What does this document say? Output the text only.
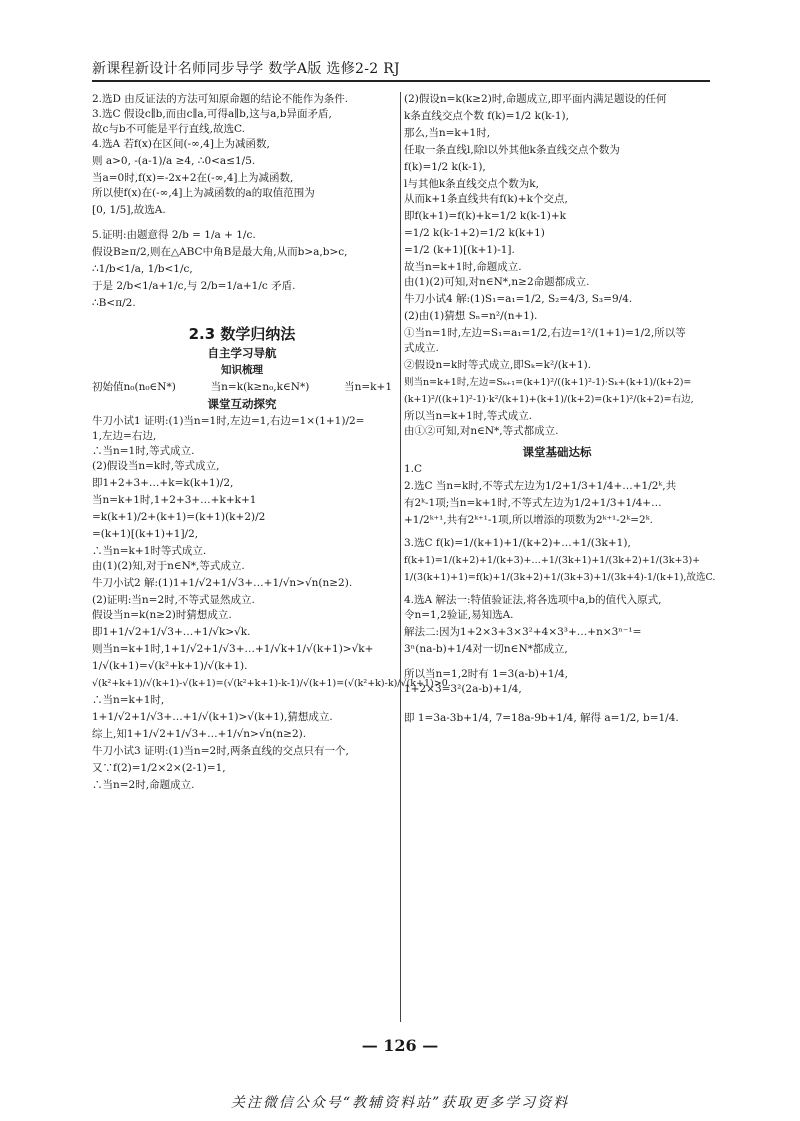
新课程新设计名师同步导学 数学A版 选修2-2 RJ
2.选D 由反证法的方法可知原命题的结论不能作为条件.
3.选C 假设c∥b,而由c∥a,可得a∥b,这与a,b异面矛盾,
故c与b不可能是平行直线,故选C.
4.选A 若f(x)在区间(-∞,4]上为减函数,
则 a>0, -(a-1)/a ≥4, ∴0<a≤1/5.
当a=0时,f(x)=-2x+2在(-∞,4]上为减函数,
所以使f(x)在(-∞,4]上为减函数的a的取值范围为
[0, 1/5],故选A.
5.证明:由题意得 2/b = 1/a + 1/c.
假设B≥π/2,则在△ABC中角B是最大角,从而b>a,b>c,
∴1/b<1/a, 1/b<1/c,
于是 2/b<1/a+1/c,与 2/b=1/a+1/c 矛盾.
∴B<π/2.
2.3 数学归纳法
自主学习导航
知识梳理
初始值n₀(n₀∈N*)	当n=k(k≥n₀,k∈N*)	当n=k+1
课堂互动探究
牛刀小试1 证明:(1)当n=1时,左边=1,右边=1×(1+1)/2=
1,左边=右边,
∴当n=1时,等式成立.
(2)假设当n=k时,等式成立,
即1+2+3+…+k=k(k+1)/2,
当n=k+1时,1+2+3+…+k+k+1
=k(k+1)/2+(k+1)=(k+1)(k+2)/2
=(k+1)[(k+1)+1]/2,
∴当n=k+1时等式成立.
由(1)(2)知,对于n∈N*,等式成立.
牛刀小试2 解:(1)1+1/√2+1/√3+…+1/√n>√n(n≥2).
(2)证明:当n=2时,不等式显然成立.
假设当n=k(n≥2)时猜想成立.
即1+1/√2+1/√3+…+1/√k>√k.
则当n=k+1时,1+1/√2+1/√3+…+1/√k+1/√(k+1)>√k+
1/√(k+1)=√(k²+k+1)/√(k+1).
√(k²+k+1)/√(k+1)-√(k+1)=(√(k²+k+1)-k-1)/√(k+1)=(√(k²+k)-k)/√(k+1)>0.
∴当n=k+1时,
1+1/√2+1/√3+…+1/√(k+1)>√(k+1),猜想成立.
综上,知1+1/√2+1/√3+…+1/√n>√n(n≥2).
牛刀小试3 证明:(1)当n=2时,两条直线的交点只有一个,
又∵f(2)=1/2×2×(2-1)=1,
∴当n=2时,命题成立.
(2)假设n=k(k≥2)时,命题成立,即平面内满足题设的任何
k条直线交点个数 f(k)=1/2 k(k-1),
那么,当n=k+1时,
任取一条直线l,除l以外其他k条直线交点个数为
f(k)=1/2 k(k-1),
l与其他k条直线交点个数为k,
从而k+1条直线共有f(k)+k个交点,
即f(k+1)=f(k)+k=1/2 k(k-1)+k
=1/2 k(k-1+2)=1/2 k(k+1)
=1/2 (k+1)[(k+1)-1].
故当n=k+1时,命题成立.
由(1)(2)可知,对n∈N*,n≥2命题都成立.
牛刀小试4 解:(1)S₁=a₁=1/2, S₂=4/3, S₃=9/4.
(2)由(1)猜想 Sₙ=n²/(n+1).
①当n=1时,左边=S₁=a₁=1/2,右边=1²/(1+1)=1/2,所以等
式成立.
②假设n=k时等式成立,即Sₖ=k²/(k+1).
则当n=k+1时,左边=Sₖ₊₁=(k+1)²/((k+1)²-1)·Sₖ+(k+1)/(k+2)=
(k+1)²/((k+1)²-1)·k²/(k+1)+(k+1)/(k+2)=(k+1)²/(k+2)=右边,
所以当n=k+1时,等式成立.
由①②可知,对n∈N*,等式都成立.
课堂基础达标
1.C
2.选C 当n=k时,不等式左边为1/2+1/3+1/4+…+1/2ᵏ,共
有2ᵏ-1项;当n=k+1时,不等式左边为1/2+1/3+1/4+…
+1/2ᵏ⁺¹,共有2ᵏ⁺¹-1项,所以增添的项数为2ᵏ⁺¹-2ᵏ=2ᵏ.
3.选C f(k)=1/(k+1)+1/(k+2)+…+1/(3k+1),
f(k+1)=1/(k+2)+1/(k+3)+…+1/(3k+1)+1/(3k+2)+1/(3k+3)+
1/(3(k+1)+1)=f(k)+1/(3k+2)+1/(3k+3)+1/(3k+4)-1/(k+1),故选C.
4.选A 解法一:特值验证法,将各选项中a,b的值代入原式,
令n=1,2验证,易知选A.
解法二:因为1+2×3+3×3²+4×3³+…+n×3ⁿ⁻¹=
3ⁿ(na-b)+1/4对一切n∈N*都成立,
所以当n=1,2时有 1=3(a-b)+1/4,
1+2×3=3²(2a-b)+1/4,
即 1=3a-3b+1/4, 7=18a-9b+1/4, 解得 a=1/2, b=1/4.
— 126 —
关注微信公众号“教辅资料站”获取更多学习资料
